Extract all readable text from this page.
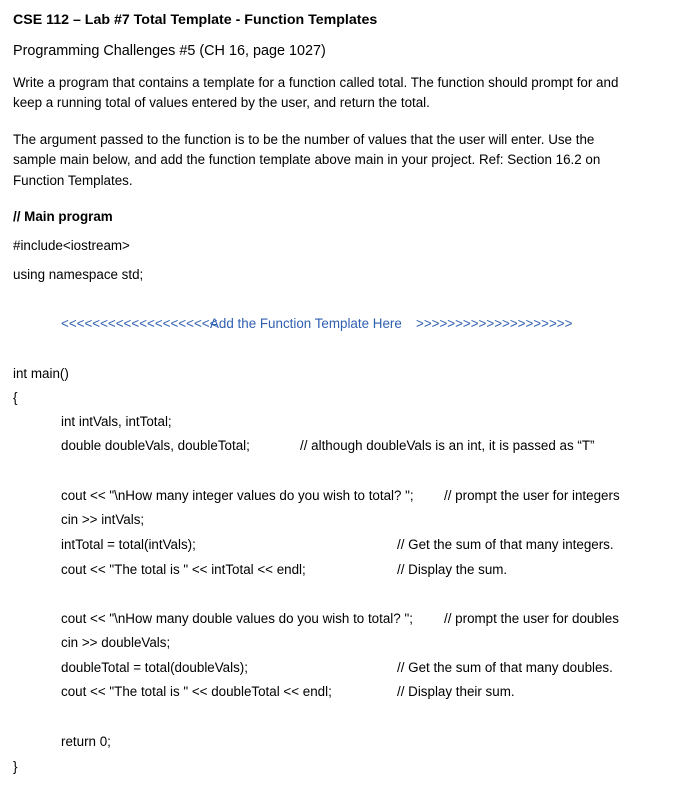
CSE 112 – Lab #7 Total Template - Function Templates
Programming Challenges #5 (CH 16, page 1027)
Write a program that contains a template for a function called total. The function should prompt for and
keep a running total of values entered by the user, and return the total.
The argument passed to the function is to be the number of values that the user will enter. Use the
sample main below, and add the function template above main in your project. Ref: Section 16.2 on
Function Templates.
// Main program
#include<iostream>
using namespace std;
<<<<<<<<<<<<<<<<<<<<
Add the Function Template Here >>>>>>>>>>>>>>>>>>>>
int main()
{
int intVals, intTotal;
double doubleVals, doubleTotal;	// although doubleVals is an int, it is passed as “T”
cout << "\nHow many integer values do you wish to total? "; // prompt the user for integers
cin >> intVals;
intTotal = total(intVals);	// Get the sum of that many integers.
cout << "The total is " << intTotal << endl;	// Display the sum.
cout << "\nHow many double values do you wish to total? "; // prompt the user for doubles
cin >> doubleVals;
doubleTotal = total(doubleVals);	// Get the sum of that many doubles.
cout << "The total is " << doubleTotal << endl;	// Display their sum.
return 0;
}
